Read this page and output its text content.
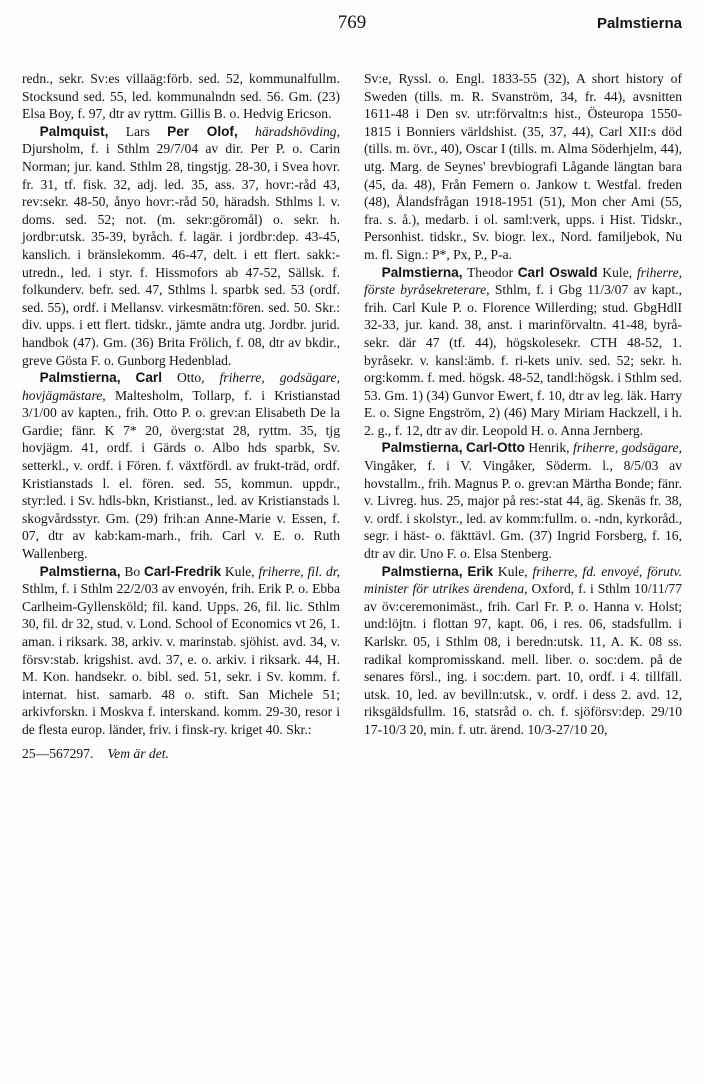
769	Palmstierna

redn., sekr. Sv:es villaäg:förb. sed. 52, kommunalfullm. Stocksund sed. 55, led. kommunalndn sed. 56. Gm. (23) Elsa Boy, f. 97, dtr av ryttm. Gillis B. o. Hedvig Ericson.

Palmquist, Lars Per Olof, häradshövding, Djursholm, f. i Sthlm 29/7/04 av dir. Per P. o. Carin Norman; jur. kand. Sthlm 28, tingstjg. 28-30, i Svea hovr. fr. 31, tf. fisk. 32, adj. led. 35, ass. 37, hovr:-råd 43, rev:sekr. 48-50, ånyo hovr:-råd 50, häradsh. Sthlms l. v. doms. sed. 52; not. (m. sekr:göromål) o. sekr. h. jordbr:utsk. 35-39, byråch. f. lagär. i jordbr:dep. 43-45, kanslich. i bränslekomm. 46-47, delt. i ett flert. sakk:-utredn., led. i styr. f. Hissmofors ab 47-52, Sällsk. f. folkunderv. befr. sed. 47, Sthlms l. sparbk sed. 53 (ordf. sed. 55), ordf. i Mellansv. virkesmätn:fören. sed. 50. Skr.: div. upps. i ett flert. tidskr., jämte andra utg. Jordbr. jurid. handbok (47). Gm. (36) Brita Frölich, f. 08, dtr av bkdir., greve Gösta F. o. Gunborg Hedenblad.

Palmstierna, Carl Otto, friherre, godsägare, hovjägmästare, Maltesholm, Tollarp, f. i Kristianstad 3/1/00 av kapten., frih. Otto P. o. grev:an Elisabeth De la Gardie; fänr. K 7* 20, överg:stat 28, ryttm. 35, tjg hovjägm. 41, ordf. i Gärds o. Albo hds sparbk, Sv. setterkl., v. ordf. i Fören. f. växtfördl. av frukt-träd, ordf. Kristianstads l. el. fören. sed. 55, kommun. uppdr., styr:led. i Sv. hdls-bkn, Kristianst., led. av Kristianstads l. skogvårdsstyr. Gm. (29) frih:an Anne-Marie v. Essen, f. 07, dtr av kab:kam-marh., frih. Carl v. E. o. Ruth Wallenberg.

Palmstierna, Bo Carl-Fredrik Kule, friherre, fil. dr, Sthlm, f. i Sthlm 22/2/03 av envoyén, frih. Erik P. o. Ebba Carlheim-Gyllensköld; fil. kand. Upps. 26, fil. lic. Sthlm 30, fil. dr 32, stud. v. Lond. School of Economics vt 26, 1. aman. i riksark. 38, arkiv. v. marinstab. sjöhist. avd. 34, v. försv:stab. krigshist. avd. 37, e. o. arkiv. i riksark. 44, H. M. Kon. handsekr. o. bibl. sed. 51, sekr. i Sv. komm. f. internat. hist. samarb. 48 o. stift. San Michele 51; arkivforskn. i Moskva f. interskand. komm. 29-30, resor i de flesta europ. länder, friv. i finsk-ry. kriget 40. Skr.:

25—567297. Vem är det.

Sv:e, Ryssl. o. Engl. 1833-55 (32), A short history of Sweden (tills. m. R. Svanström, 34, fr. 44), avsnitten 1611-48 i Den sv. utr:förvaltn:s hist., Östeuropa 1550-1815 i Bonniers världshist. (35, 37, 44), Carl XII:s död (tills. m. övr., 40), Oscar I (tills. m. Alma Söderhjelm, 44), utg. Marg. de Seynes' brevbiografi Lågande längtan bara (45, da. 48), Från Femern o. Jankow t. Westfal. freden (48), Ålandsfrågan 1918-1951 (51), Mon cher Ami (55, fra. s. å.), medarb. i ol. saml:verk, upps. i Hist. Tidskr., Personhist. tidskr., Sv. biogr. lex., Nord. familjebok, Nu m. fl. Sign.: P*, Px, P., P-a.

Palmstierna, Theodor Carl Oswald Kule, friherre, förste byråsekreterare, Sthlm, f. i Gbg 11/3/07 av kapt., frih. Carl Kule P. o. Florence Willerding; stud. GbgHdlI 32-33, jur. kand. 38, anst. i marinförvaltn. 41-48, byrå-sekr. där 47 (tf. 44), högskolesekr. CTH 48-52, 1. byråsekr. v. kansl:ämb. f. ri-kets univ. sed. 52; sekr. h. org:komm. f. med. högsk. 48-52, tandl:högsk. i Sthlm sed. 53. Gm. 1) (34) Gunvor Ewert, f. 10, dtr av leg. läk. Harry E. o. Signe Engström, 2) (46) Mary Miriam Hackzell, i h. 2. g., f. 12, dtr av dir. Leopold H. o. Anna Jernberg.

Palmstierna, Carl-Otto Henrik, friherre, godsägare, Vingåker, f. i V. Vingåker, Söderm. l., 8/5/03 av hovstallm., frih. Magnus P. o. grev:an Märtha Bonde; fänr. v. Livreg. hus. 25, major på res:-stat 44, äg. Skenäs fr. 38, v. ordf. i skolstyr., led. av komm:fullm. o. -ndn, kyrkoråd., segr. i häst- o. fäkttävl. Gm. (37) Ingrid Forsberg, f. 16, dtr av dir. Uno F. o. Elsa Stenberg.

Palmstierna, Erik Kule, friherre, fd. envoyé, förutv. minister för utrikes ärendena, Oxford, f. i Sthlm 10/11/77 av öv:ceremonimäst., frih. Carl Fr. P. o. Hanna v. Holst; und:löjtn. i flottan 97, kapt. 06, i res. 06, stadsfullm. i Karlskr. 05, i Sthlm 08, i beredn:utsk. 11, A. K. 08 ss. radikal kompromisskand. mell. liber. o. soc:dem. på de senares försl., ing. i soc:dem. part. 10, ordf. i 4. tillfäll. utsk. 10, led. av bevilln:utsk., v. ordf. i dess 2. avd. 12, riksgäldsfullm. 16, statsråd o. ch. f. sjöförsv:dep. 29/10 17-10/3 20, min. f. utr. ärend. 10/3-27/10 20,
